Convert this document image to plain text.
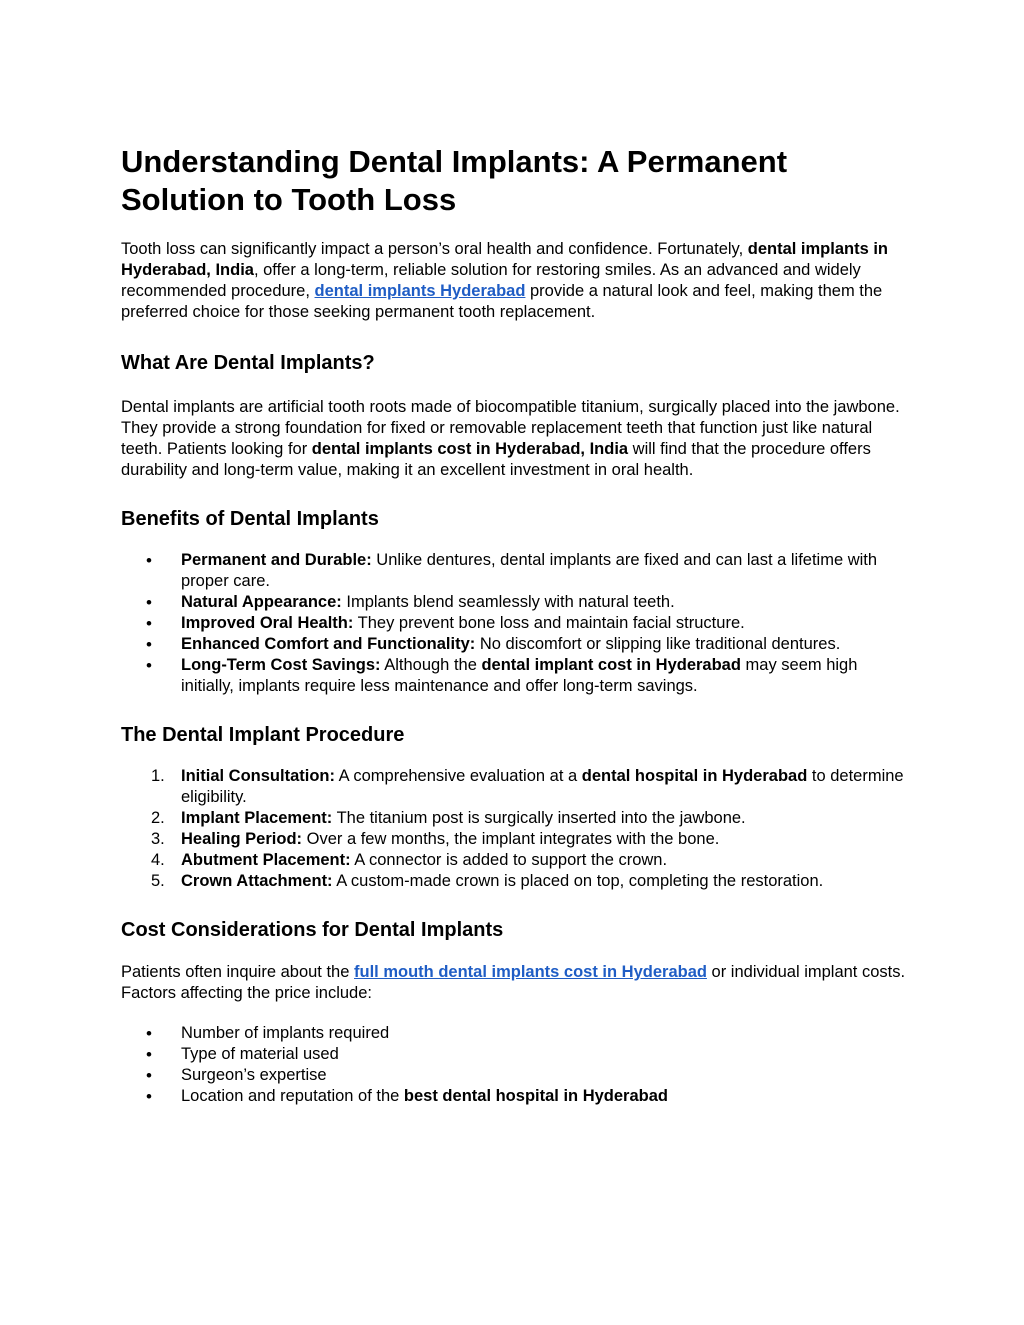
Understanding Dental Implants: A Permanent Solution to Tooth Loss

Tooth loss can significantly impact a person’s oral health and confidence. Fortunately, dental implants in Hyderabad, India, offer a long-term, reliable solution for restoring smiles. As an advanced and widely recommended procedure, dental implants Hyderabad provide a natural look and feel, making them the preferred choice for those seeking permanent tooth replacement.

What Are Dental Implants?

Dental implants are artificial tooth roots made of biocompatible titanium, surgically placed into the jawbone. They provide a strong foundation for fixed or removable replacement teeth that function just like natural teeth. Patients looking for dental implants cost in Hyderabad, India will find that the procedure offers durability and long-term value, making it an excellent investment in oral health.

Benefits of Dental Implants
• Permanent and Durable: Unlike dentures, dental implants are fixed and can last a lifetime with proper care.
• Natural Appearance: Implants blend seamlessly with natural teeth.
• Improved Oral Health: They prevent bone loss and maintain facial structure.
• Enhanced Comfort and Functionality: No discomfort or slipping like traditional dentures.
• Long-Term Cost Savings: Although the dental implant cost in Hyderabad may seem high initially, implants require less maintenance and offer long-term savings.
The Dental Implant Procedure
1. Initial Consultation: A comprehensive evaluation at a dental hospital in Hyderabad to determine eligibility.
2. Implant Placement: The titanium post is surgically inserted into the jawbone.
3. Healing Period: Over a few months, the implant integrates with the bone.
4. Abutment Placement: A connector is added to support the crown.
5. Crown Attachment: A custom-made crown is placed on top, completing the restoration.
Cost Considerations for Dental Implants

Patients often inquire about the full mouth dental implants cost in Hyderabad or individual implant costs. Factors affecting the price include:

• Number of implants required
• Type of material used
• Surgeon’s expertise
• Location and reputation of the best dental hospital in Hyderabad
